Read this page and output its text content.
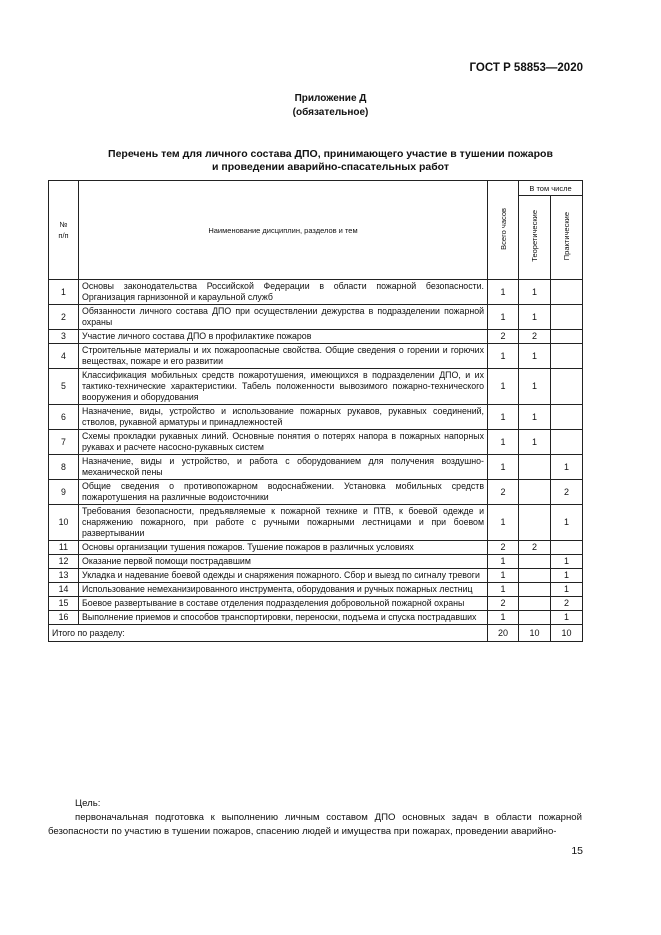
ГОСТ Р 58853—2020
Приложение Д
(обязательное)
Перечень тем для личного состава ДПО, принимающего участие в тушении пожаров
и проведении аварийно-спасательных работ
№
п/п	Наименование дисциплин, разделов и тем	Всего часов	В том числе	
			Теоретические	Практические
1	Основы законодательства Российской Федерации в области пожарной безопасности. Организация гарнизонной и караульной служб	1	1	
2	Обязанности личного состава ДПО при осуществлении дежурства в подразделении пожарной охраны	1	1	
3	Участие личного состава ДПО в профилактике пожаров	2	2	
4	Строительные материалы и их пожароопасные свойства. Общие сведения о горении и горючих веществах, пожаре и его развитии	1	1	
5	Классификация мобильных средств пожаротушения, имеющихся в подразделении ДПО, и их тактико-технические характеристики. Табель положенности вывозимого пожарно-технического вооружения и оборудования	1	1	
6	Назначение, виды, устройство и использование пожарных рукавов, рукавных соединений, стволов, рукавной арматуры и принадлежностей	1	1	
7	Схемы прокладки рукавных линий. Основные понятия о потерях напора в пожарных напорных рукавах и расчете насосно-рукавных систем	1	1	
8	Назначение, виды и устройство, и работа с оборудованием для получения воздушно-механической пены	1		1
9	Общие сведения о противопожарном водоснабжении. Установка мобильных средств пожаротушения на различные водоисточники	2		2
10	Требования безопасности, предъявляемые к пожарной технике и ПТВ, к боевой одежде и снаряжению пожарного, при работе с ручными пожарными лестницами и при боевом развертывании	1		1
11	Основы организации тушения пожаров. Тушение пожаров в различных условиях	2	2	
12	Оказание первой помощи пострадавшим	1		1
13	Укладка и надевание боевой одежды и снаряжения пожарного. Сбор и выезд по сигналу тревоги	1		1
14	Использование немеханизированного инструмента, оборудования и ручных пожарных лестниц	1		1
15	Боевое развертывание в составе отделения подразделения добровольной пожарной охраны	2		2
16	Выполнение приемов и способов транспортировки, переноски, подъема и спуска пострадавших	1		1
Итого по разделу:		20	10	10

Цель:

первоначальная подготовка к выполнению личным составом ДПО основных задач в области пожарной безопасности по участию в тушении пожаров, спасению людей и имущества при пожарах, проведении аварийно-

15
